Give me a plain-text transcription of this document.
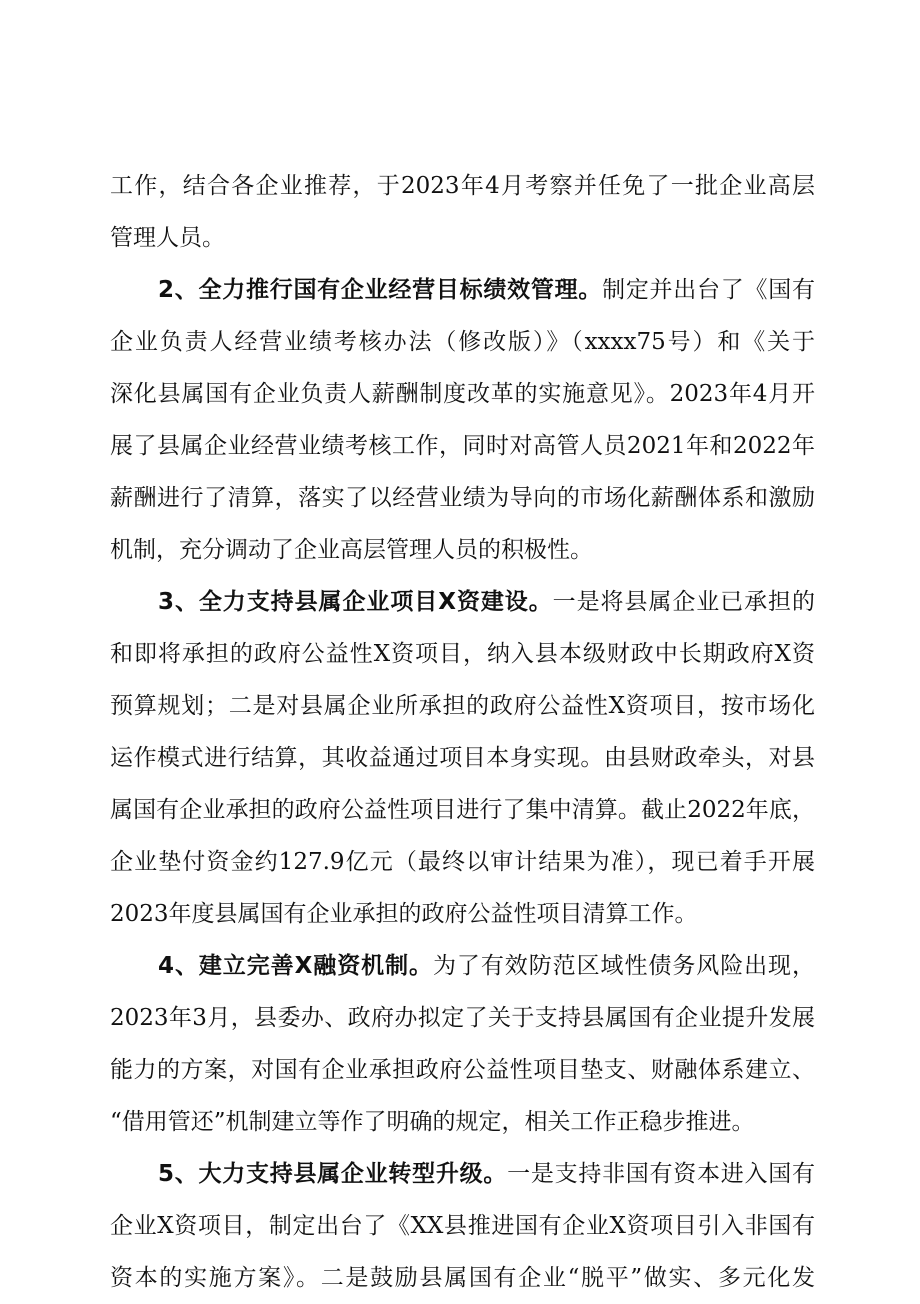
工作，结合各企业推荐，于2023年4月考察并任免了一批企业高层
管理人员。
2、全力推行国有企业经营目标绩效管理。制定并出台了《国有
企业负责人经营业绩考核办法（修改版）》（xxxx75号）和《关于
深化县属国有企业负责人薪酬制度改革的实施意见》。2023年4月开
展了县属企业经营业绩考核工作，同时对高管人员2021年和2022年
薪酬进行了清算，落实了以经营业绩为导向的市场化薪酬体系和激励
机制，充分调动了企业高层管理人员的积极性。
3、全力支持县属企业项目X资建设。一是将县属企业已承担的
和即将承担的政府公益性X资项目，纳入县本级财政中长期政府X资
预算规划；二是对县属企业所承担的政府公益性X资项目，按市场化
运作模式进行结算，其收益通过项目本身实现。由县财政牵头，对县
属国有企业承担的政府公益性项目进行了集中清算。截止2022年底，
企业垫付资金约127.9亿元（最终以审计结果为准），现已着手开展
2023年度县属国有企业承担的政府公益性项目清算工作。
4、建立完善X融资机制。为了有效防范区域性债务风险出现，
2023年3月，县委办、政府办拟定了关于支持县属国有企业提升发展
能力的方案，对国有企业承担政府公益性项目垫支、财融体系建立、
“借用管还”机制建立等作了明确的规定，相关工作正稳步推进。
5、大力支持县属企业转型升级。一是支持非国有资本进入国有
企业X资项目，制定出台了《XX县推进国有企业X资项目引入非国有
资本的实施方案》。二是鼓励县属国有企业“脱平”做实、多元化发
